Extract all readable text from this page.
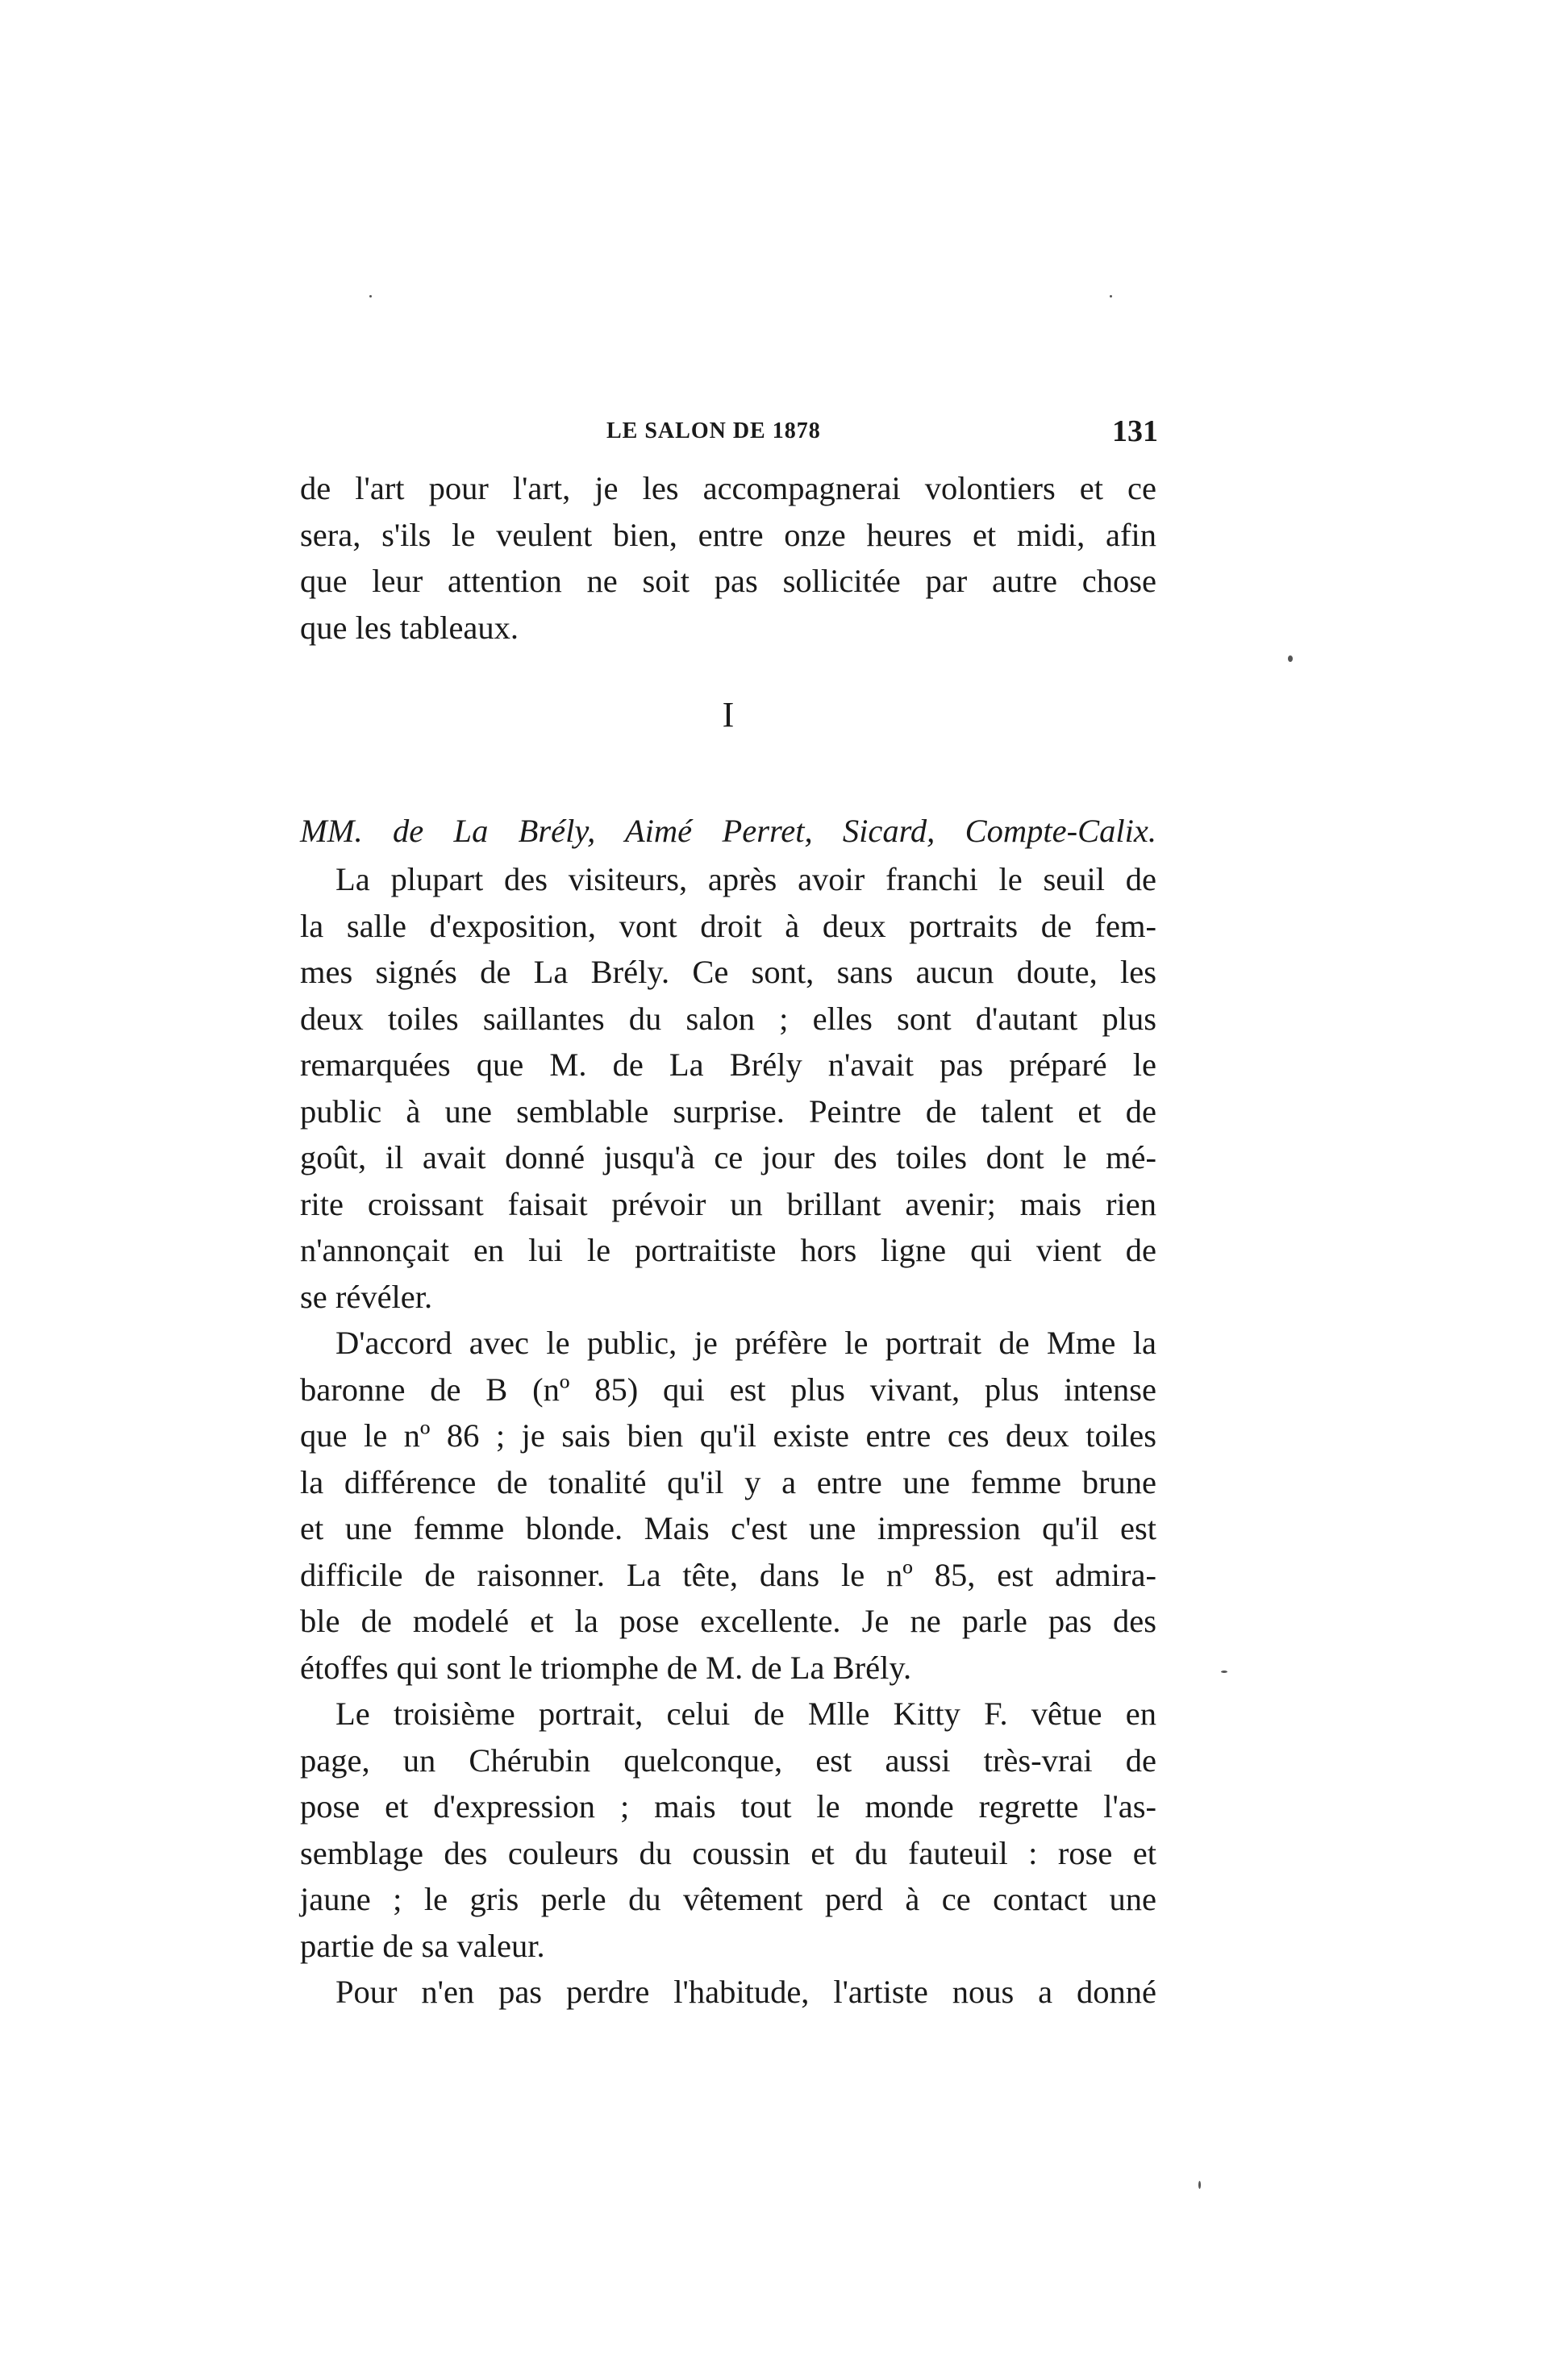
LE SALON DE 1878	131
de l'art pour l'art, je les accompagnerai volontiers et ce
sera, s'ils le veulent bien, entre onze heures et midi, afin
que leur attention ne soit pas sollicitée par autre chose
que les tableaux.
I
MM. de La Brély, Aimé Perret, Sicard, Compte-Calix.
La plupart des visiteurs, après avoir franchi le seuil de
la salle d'exposition, vont droit à deux portraits de fem-
mes signés de La Brély. Ce sont, sans aucun doute, les
deux toiles saillantes du salon ; elles sont d'autant plus
remarquées que M. de La Brély n'avait pas préparé le
public à une semblable surprise. Peintre de talent et de
goût, il avait donné jusqu'à ce jour des toiles dont le mé-
rite croissant faisait prévoir un brillant avenir; mais rien
n'annonçait en lui le portraitiste hors ligne qui vient de
se révéler.
D'accord avec le public, je préfère le portrait de Mme la
baronne de B (nº 85) qui est plus vivant, plus intense
que le nº 86 ; je sais bien qu'il existe entre ces deux toiles
la différence de tonalité qu'il y a entre une femme brune
et une femme blonde. Mais c'est une impression qu'il est
difficile de raisonner. La tête, dans le nº 85, est admira-
ble de modelé et la pose excellente. Je ne parle pas des
étoffes qui sont le triomphe de M. de La Brély.
Le troisième portrait, celui de Mlle Kitty F. vêtue en
page, un Chérubin quelconque, est aussi très-vrai de
pose et d'expression ; mais tout le monde regrette l'as-
semblage des couleurs du coussin et du fauteuil : rose et
jaune ; le gris perle du vêtement perd à ce contact une
partie de sa valeur.
Pour n'en pas perdre l'habitude, l'artiste nous a donné
